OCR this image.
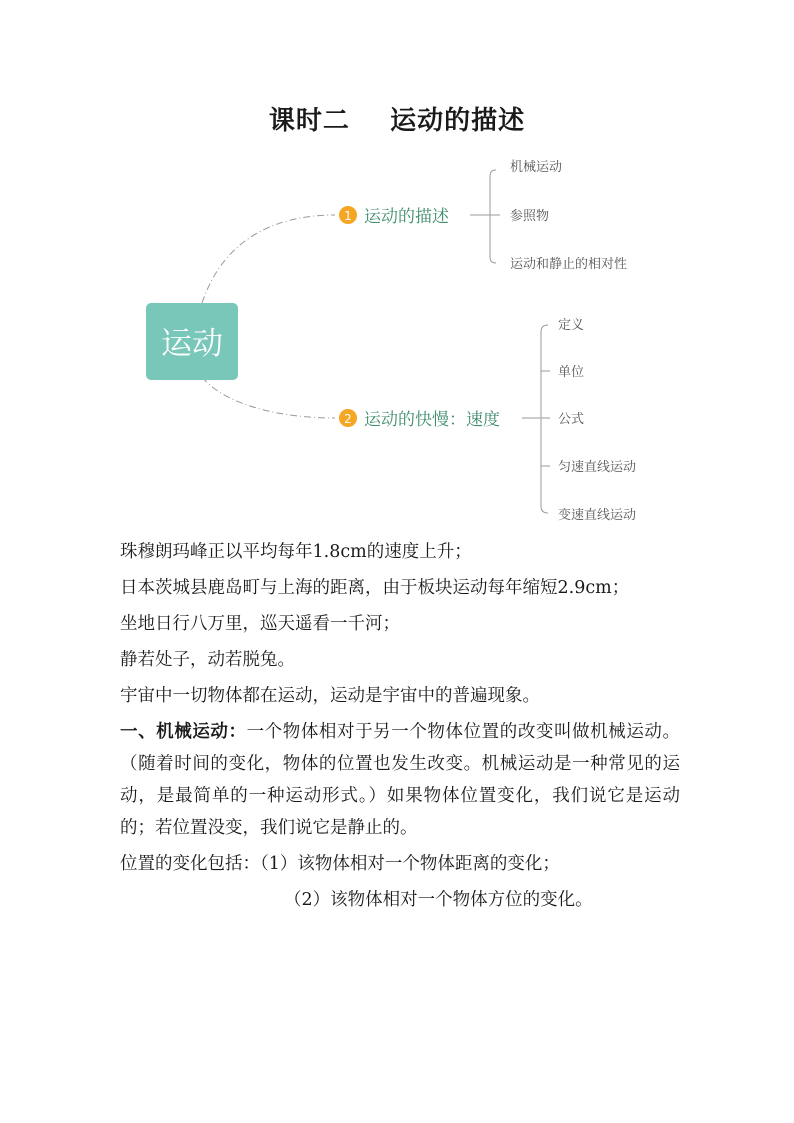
课时二    运动的描述
运动
1 运动的描述
机械运动
参照物
运动和静止的相对性
2 运动的快慢：速度
定义
单位
公式
匀速直线运动
变速直线运动

珠穆朗玛峰正以平均每年1.8cm的速度上升；

日本茨城县鹿岛町与上海的距离，由于板块运动每年缩短2.9cm；

坐地日行八万里，巡天遥看一千河；

静若处子，动若脱兔。

宇宙中一切物体都在运动，运动是宇宙中的普遍现象。

一、机械运动：一个物体相对于另一个物体位置的改变叫做机械运动。（随着时间的变化，物体的位置也发生改变。机械运动是一种常见的运动，是最简单的一种运动形式。）如果物体位置变化，我们说它是运动的；若位置没变，我们说它是静止的。

位置的变化包括：（1）该物体相对一个物体距离的变化；

（2）该物体相对一个物体方位的变化。
